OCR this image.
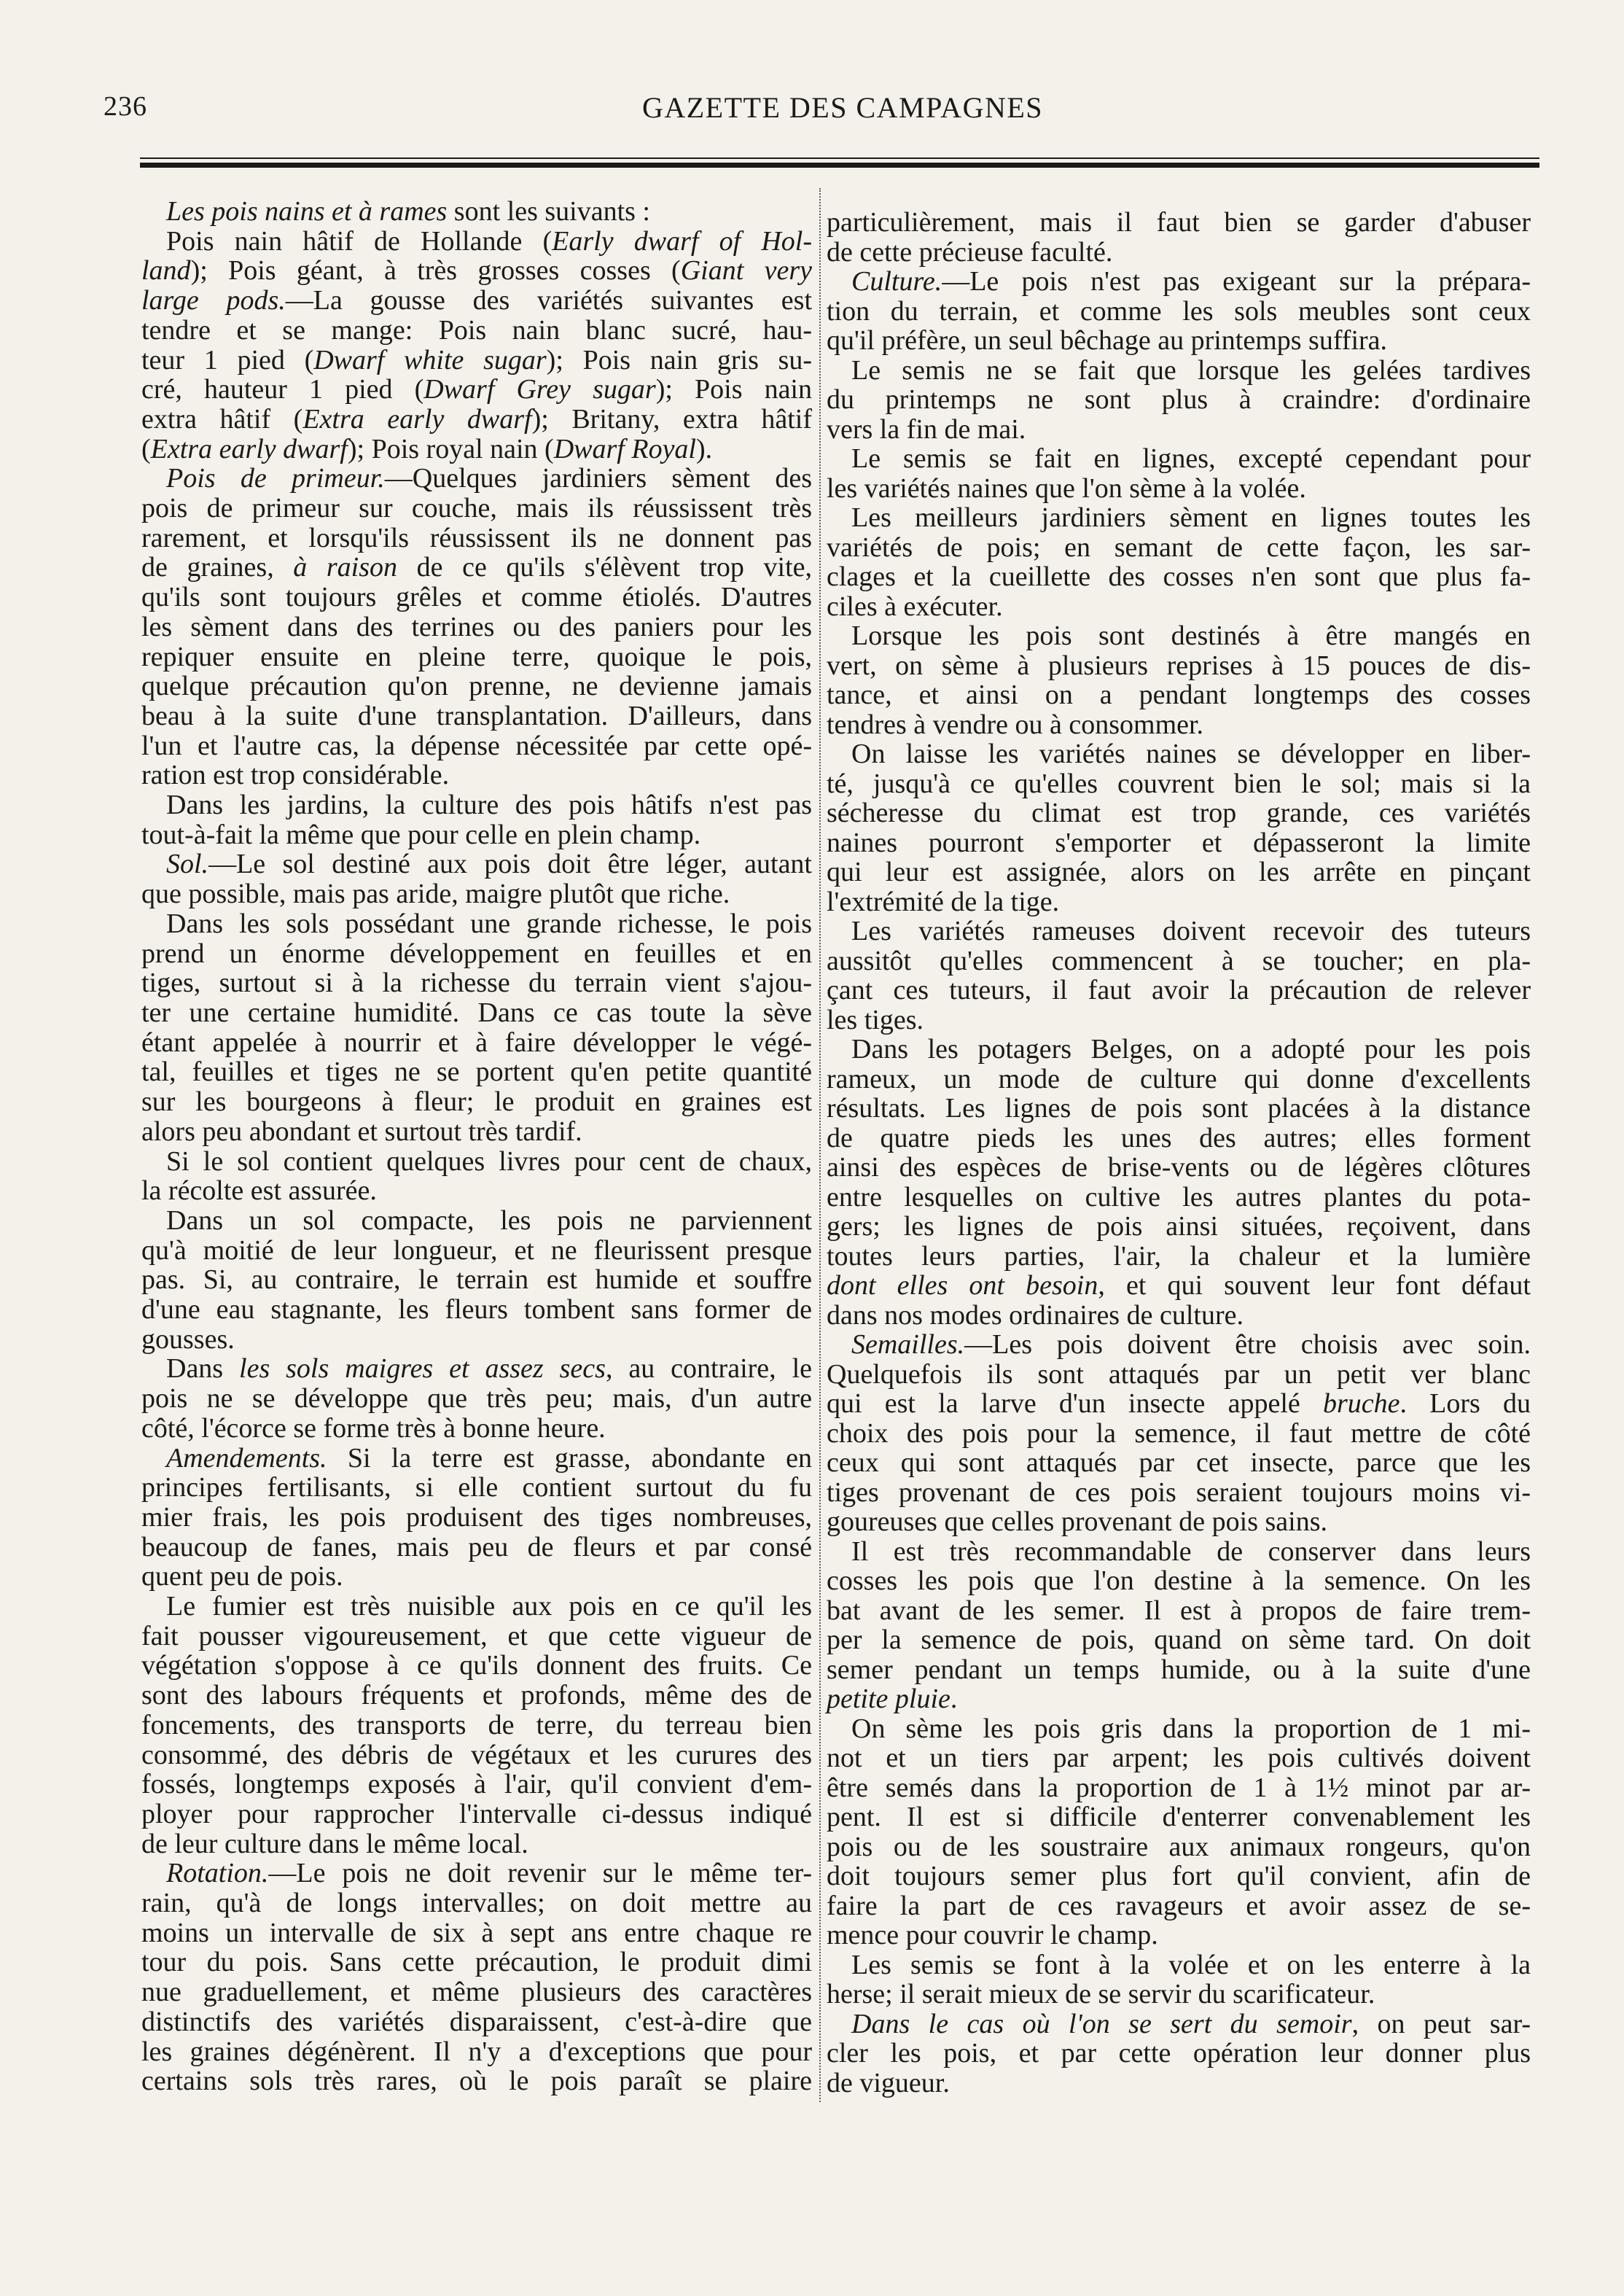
236	GAZETTE DES CAMPAGNES
Les pois nains et à rames sont les suivants :
Pois nain hâtif de Hollande (Early dwarf of Hol-
land); Pois géant, à très grosses cosses (Giant very
large pods.—La gousse des variétés suivantes est
tendre et se mange: Pois nain blanc sucré, hau-
teur 1 pied (Dwarf white sugar); Pois nain gris su-
cré, hauteur 1 pied (Dwarf Grey sugar); Pois nain
extra hâtif (Extra early dwarf); Britany, extra hâtif
(Extra early dwarf); Pois royal nain (Dwarf Royal).
Pois de primeur.—Quelques jardiniers sèment des
pois de primeur sur couche, mais ils réussissent très
rarement, et lorsqu'ils réussissent ils ne donnent pas
de graines, à raison de ce qu'ils s'élèvent trop vite,
qu'ils sont toujours grêles et comme étiolés. D'autres
les sèment dans des terrines ou des paniers pour les
repiquer ensuite en pleine terre, quoique le pois,
quelque précaution qu'on prenne, ne devienne jamais
beau à la suite d'une transplantation. D'ailleurs, dans
l'un et l'autre cas, la dépense nécessitée par cette opé-
ration est trop considérable.
Dans les jardins, la culture des pois hâtifs n'est pas
tout-à-fait la même que pour celle en plein champ.
Sol.—Le sol destiné aux pois doit être léger, autant
que possible, mais pas aride, maigre plutôt que riche.
Dans les sols possédant une grande richesse, le pois
prend un énorme développement en feuilles et en
tiges, surtout si à la richesse du terrain vient s'ajou-
ter une certaine humidité. Dans ce cas toute la sève
étant appelée à nourrir et à faire développer le végé-
tal, feuilles et tiges ne se portent qu'en petite quantité
sur les bourgeons à fleur; le produit en graines est
alors peu abondant et surtout très tardif.
Si le sol contient quelques livres pour cent de chaux,
la récolte est assurée.
Dans un sol compacte, les pois ne parviennent
qu'à moitié de leur longueur, et ne fleurissent presque
pas. Si, au contraire, le terrain est humide et souffre
d'une eau stagnante, les fleurs tombent sans former de
gousses.
Dans les sols maigres et assez secs, au contraire, le
pois ne se développe que très peu; mais, d'un autre
côté, l'écorce se forme très à bonne heure.
Amendements. Si la terre est grasse, abondante en
principes fertilisants, si elle contient surtout du fu
mier frais, les pois produisent des tiges nombreuses,
beaucoup de fanes, mais peu de fleurs et par consé
quent peu de pois.
Le fumier est très nuisible aux pois en ce qu'il les
fait pousser vigoureusement, et que cette vigueur de
végétation s'oppose à ce qu'ils donnent des fruits. Ce
sont des labours fréquents et profonds, même des de
foncements, des transports de terre, du terreau bien
consommé, des débris de végétaux et les curures des
fossés, longtemps exposés à l'air, qu'il convient d'em-
ployer pour rapprocher l'intervalle ci-dessus indiqué
de leur culture dans le même local.
Rotation.—Le pois ne doit revenir sur le même ter-
rain, qu'à de longs intervalles; on doit mettre au
moins un intervalle de six à sept ans entre chaque re
tour du pois. Sans cette précaution, le produit dimi
nue graduellement, et même plusieurs des caractères
distinctifs des variétés disparaissent, c'est-à-dire que
les graines dégénèrent. Il n'y a d'exceptions que pour
certains sols très rares, où le pois paraît se plaire
particulièrement, mais il faut bien se garder d'abuser
de cette précieuse faculté.
Culture.—Le pois n'est pas exigeant sur la prépara-
tion du terrain, et comme les sols meubles sont ceux
qu'il préfère, un seul bêchage au printemps suffira.
Le semis ne se fait que lorsque les gelées tardives
du printemps ne sont plus à craindre: d'ordinaire
vers la fin de mai.
Le semis se fait en lignes, excepté cependant pour
les variétés naines que l'on sème à la volée.
Les meilleurs jardiniers sèment en lignes toutes les
variétés de pois; en semant de cette façon, les sar-
clages et la cueillette des cosses n'en sont que plus fa-
ciles à exécuter.
Lorsque les pois sont destinés à être mangés en
vert, on sème à plusieurs reprises à 15 pouces de dis-
tance, et ainsi on a pendant longtemps des cosses
tendres à vendre ou à consommer.
On laisse les variétés naines se développer en liber-
té, jusqu'à ce qu'elles couvrent bien le sol; mais si la
sécheresse du climat est trop grande, ces variétés
naines pourront s'emporter et dépasseront la limite
qui leur est assignée, alors on les arrête en pinçant
l'extrémité de la tige.
Les variétés rameuses doivent recevoir des tuteurs
aussitôt qu'elles commencent à se toucher; en pla-
çant ces tuteurs, il faut avoir la précaution de relever
les tiges.
Dans les potagers Belges, on a adopté pour les pois
rameux, un mode de culture qui donne d'excellents
résultats. Les lignes de pois sont placées à la distance
de quatre pieds les unes des autres; elles forment
ainsi des espèces de brise-vents ou de légères clôtures
entre lesquelles on cultive les autres plantes du pota-
gers; les lignes de pois ainsi situées, reçoivent, dans
toutes leurs parties, l'air, la chaleur et la lumière
dont elles ont besoin, et qui souvent leur font défaut
dans nos modes ordinaires de culture.
Semailles.—Les pois doivent être choisis avec soin.
Quelquefois ils sont attaqués par un petit ver blanc
qui est la larve d'un insecte appelé bruche. Lors du
choix des pois pour la semence, il faut mettre de côté
ceux qui sont attaqués par cet insecte, parce que les
tiges provenant de ces pois seraient toujours moins vi-
goureuses que celles provenant de pois sains.
Il est très recommandable de conserver dans leurs
cosses les pois que l'on destine à la semence. On les
bat avant de les semer. Il est à propos de faire trem-
per la semence de pois, quand on sème tard. On doit
semer pendant un temps humide, ou à la suite d'une
petite pluie.
On sème les pois gris dans la proportion de 1 mi-
not et un tiers par arpent; les pois cultivés doivent
être semés dans la proportion de 1 à 1½ minot par ar-
pent. Il est si difficile d'enterrer convenablement les
pois ou de les soustraire aux animaux rongeurs, qu'on
doit toujours semer plus fort qu'il convient, afin de
faire la part de ces ravageurs et avoir assez de se-
mence pour couvrir le champ.
Les semis se font à la volée et on les enterre à la
herse; il serait mieux de se servir du scarificateur.
Dans le cas où l'on se sert du semoir, on peut sar-
cler les pois, et par cette opération leur donner plus
de vigueur.
